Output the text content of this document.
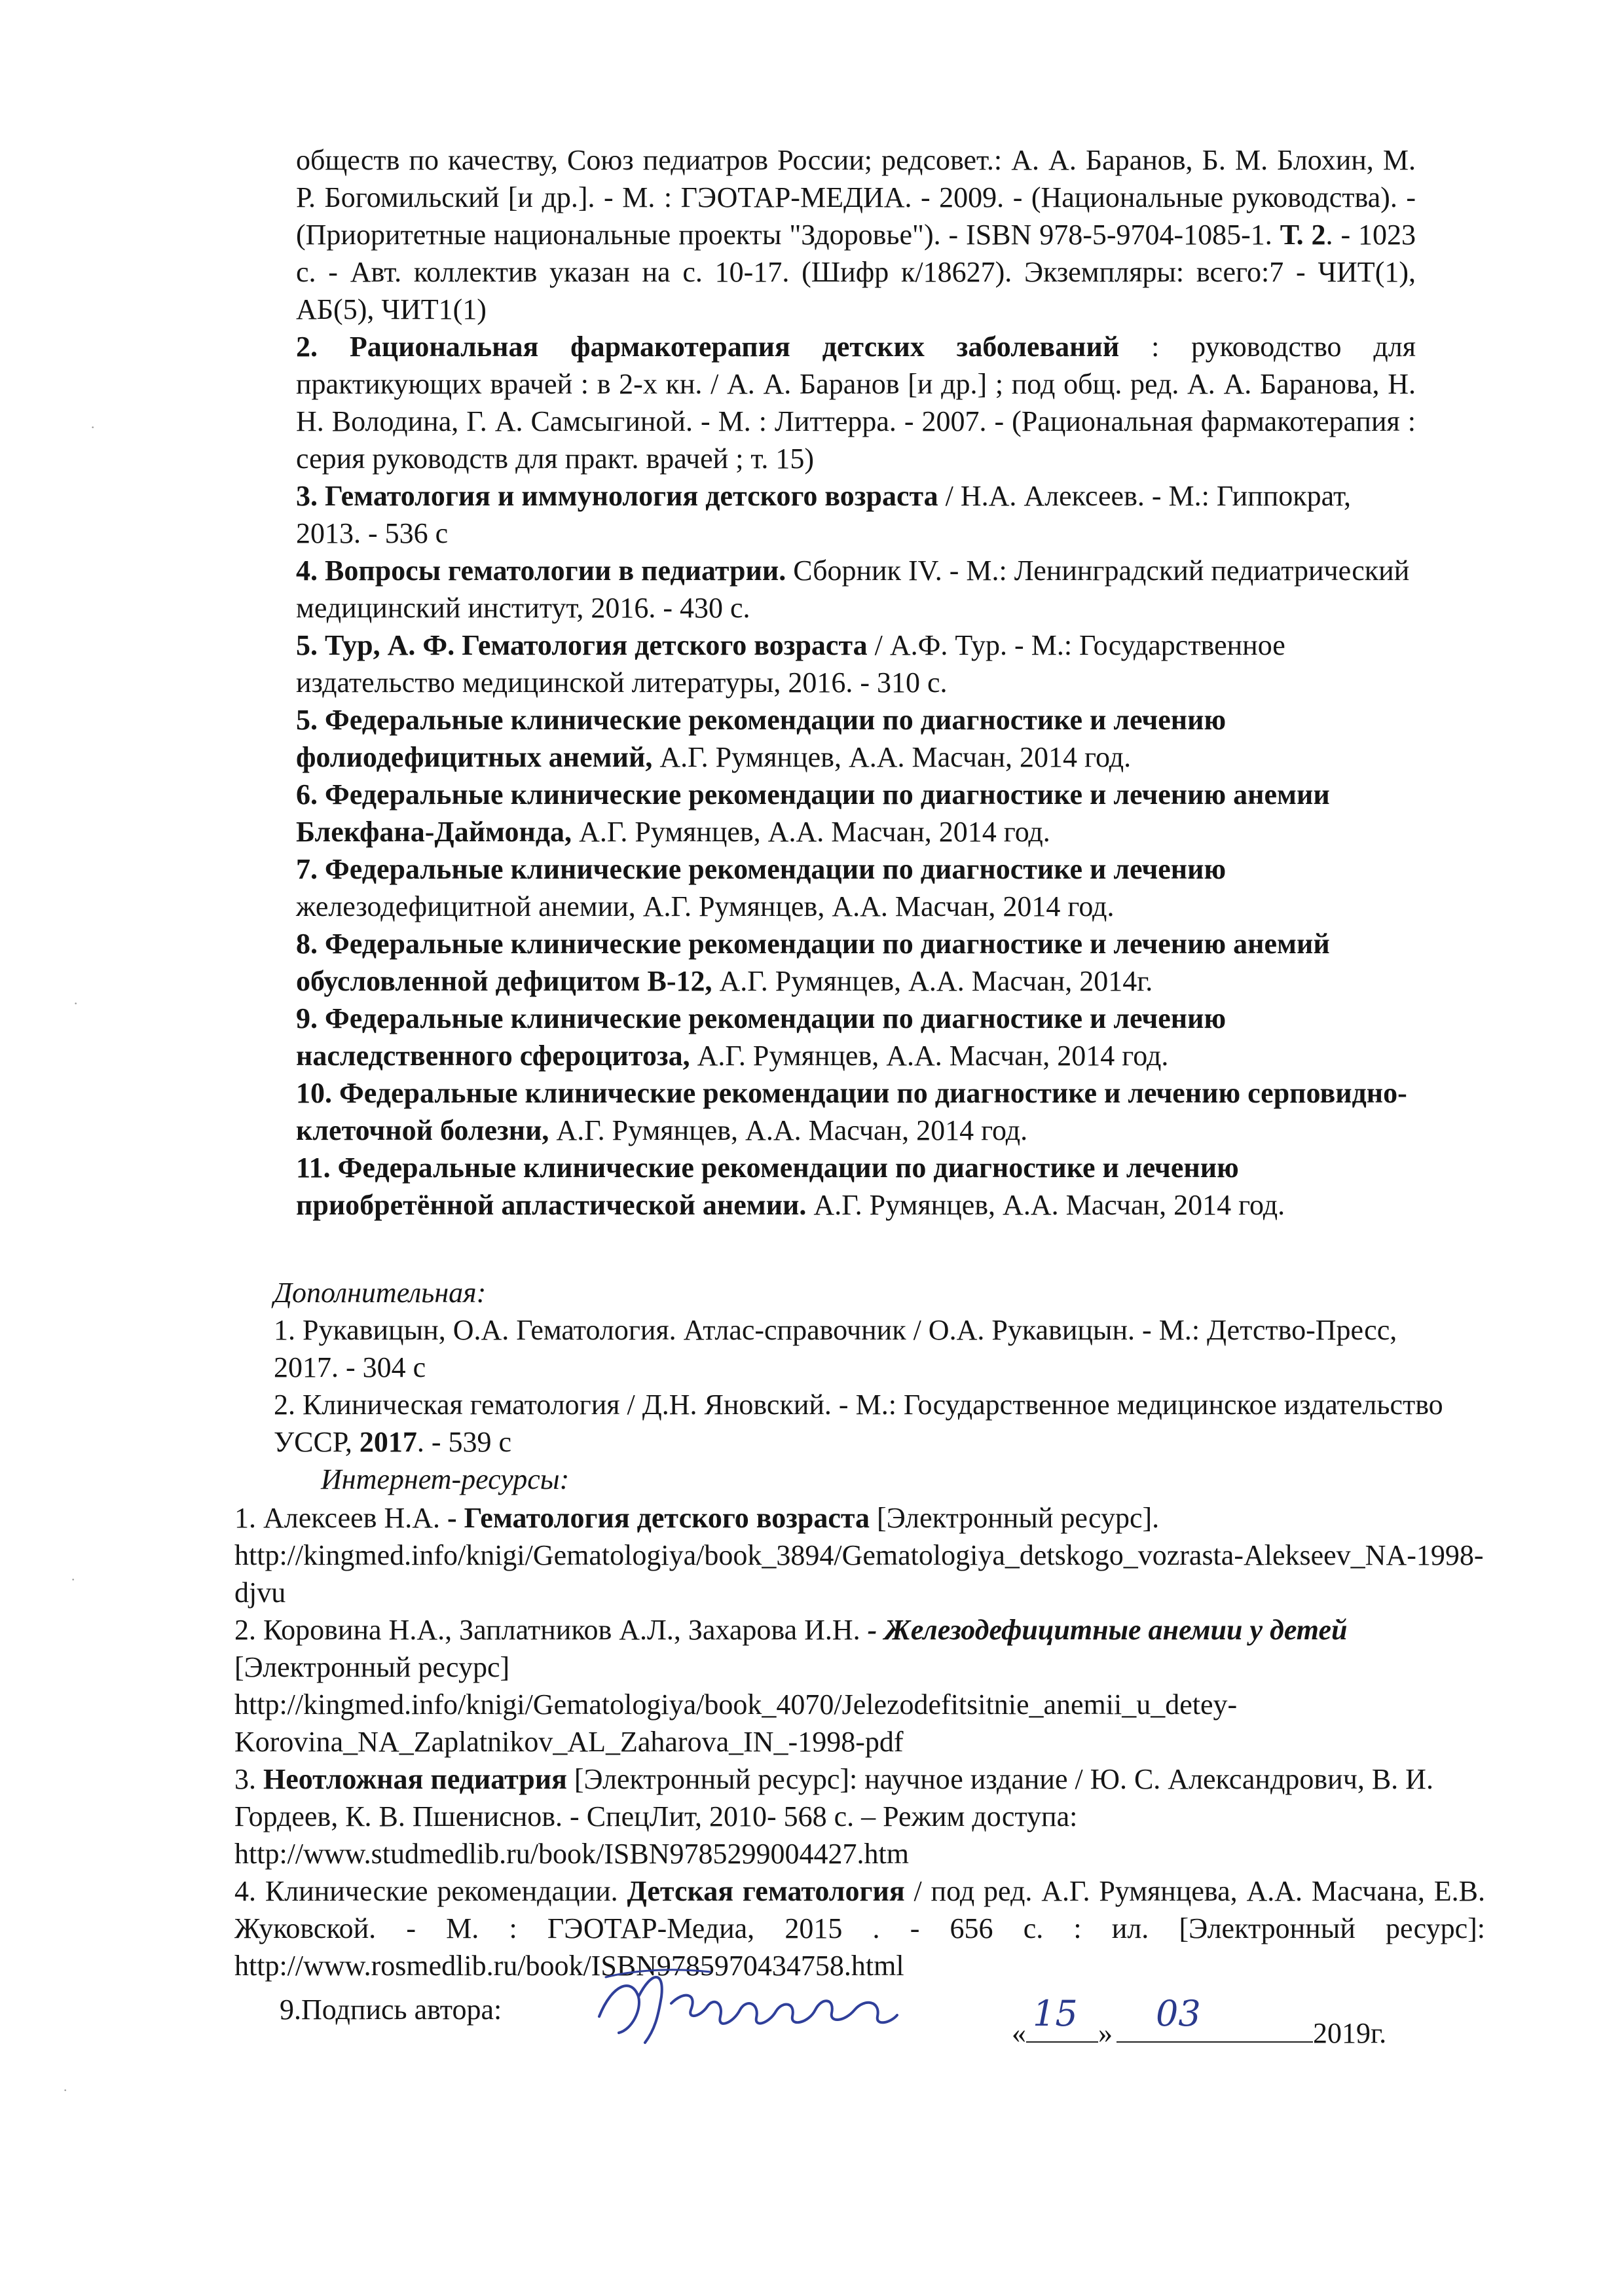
обществ по качеству, Союз педиатров России; редсовет.: А. А. Баранов, Б. М. Блохин, М. Р. Богомильский [и др.]. - М. : ГЭОТАР-МЕДИА. - 2009. - (Национальные руководства). - (Приоритетные национальные проекты "Здоровье"). - ISBN 978-5-9704-1085-1. Т. 2. - 1023 с. - Авт. коллектив указан на с. 10-17. (Шифр к/18627). Экземпляры: всего:7 - ЧИТ(1), АБ(5), ЧИТ1(1)

2. Рациональная фармакотерапия детских заболеваний : руководство для практикующих врачей : в 2-х кн. / А. А. Баранов [и др.] ; под общ. ред. А. А. Баранова, Н. Н. Володина, Г. А. Самсыгиной. - М. : Литтерра. - 2007. - (Рациональная фармакотерапия : серия руководств для практ. врачей ; т. 15)

3. Гематология и иммунология детского возраста / Н.А. Алексеев. - М.: Гиппократ, 2013. - 536 с

4. Вопросы гематологии в педиатрии. Сборник IV. - М.: Ленинградский педиатрический медицинский институт, 2016. - 430 с.

5. Тур, А. Ф. Гематология детского возраста / А.Ф. Тур. - М.: Государственное издательство медицинской литературы, 2016. - 310 с.

5. Федеральные клинические рекомендации по диагностике и лечению фолиодефицитных анемий, А.Г. Румянцев, А.А. Масчан, 2014 год.

6. Федеральные клинические рекомендации по диагностике и лечению анемии Блекфана-Даймонда, А.Г. Румянцев, А.А. Масчан, 2014 год.

7. Федеральные клинические рекомендации по диагностике и лечению железодефицитной анемии, А.Г. Румянцев, А.А. Масчан, 2014 год.

8. Федеральные клинические рекомендации по диагностике и лечению анемий обусловленной дефицитом В-12, А.Г. Румянцев, А.А. Масчан, 2014г.

9. Федеральные клинические рекомендации по диагностике и лечению наследственного сфероцитоза, А.Г. Румянцев, А.А. Масчан, 2014 год.

10. Федеральные клинические рекомендации по диагностике и лечению серповидно-клеточной болезни, А.Г. Румянцев, А.А. Масчан, 2014 год.

11. Федеральные клинические рекомендации по диагностике и лечению приобретённой апластической анемии. А.Г. Румянцев, А.А. Масчан, 2014 год.

Дополнительная:

1. Рукавицын, О.А. Гематология. Атлас-справочник / О.А. Рукавицын. - М.: Детство-Пресс, 2017. - 304 с

2. Клиническая гематология / Д.Н. Яновский. - М.: Государственное медицинское издательство УССР, 2017. - 539 с

Интернет-ресурсы:

1. Алексеев Н.А. - Гематология детского возраста [Электронный ресурс]. http://kingmed.info/knigi/Gematologiya/book_3894/Gematologiya_detskogo_vozrasta-Alekseev_NA-1998-djvu

2. Коровина Н.А., Заплатников А.Л., Захарова И.Н. - Железодефицитные анемии у детей [Электронный ресурс] http://kingmed.info/knigi/Gematologiya/book_4070/Jelezodefitsitnie_anemii_u_detey-Korovina_NA_Zaplatnikov_AL_Zaharova_IN_-1998-pdf

3. Неотложная педиатрия [Электронный ресурс]: научное издание / Ю. С. Александрович, В. И. Гордеев, К. В. Пшениснов. - СпецЛит, 2010- 568 с. – Режим доступа: http://www.studmedlib.ru/book/ISBN9785299004427.htm

4. Клинические рекомендации. Детская гематология / под ред. А.Г. Румянцева, А.А. Масчана, Е.В. Жуковской. - М. : ГЭОТАР-Медиа, 2015 . - 656 с. : ил. [Электронный ресурс]: http://www.rosmedlib.ru/book/ISBN9785970434758.html

9.Подпись автора:
« 15 » 03	2019г.
·
·
·
·
